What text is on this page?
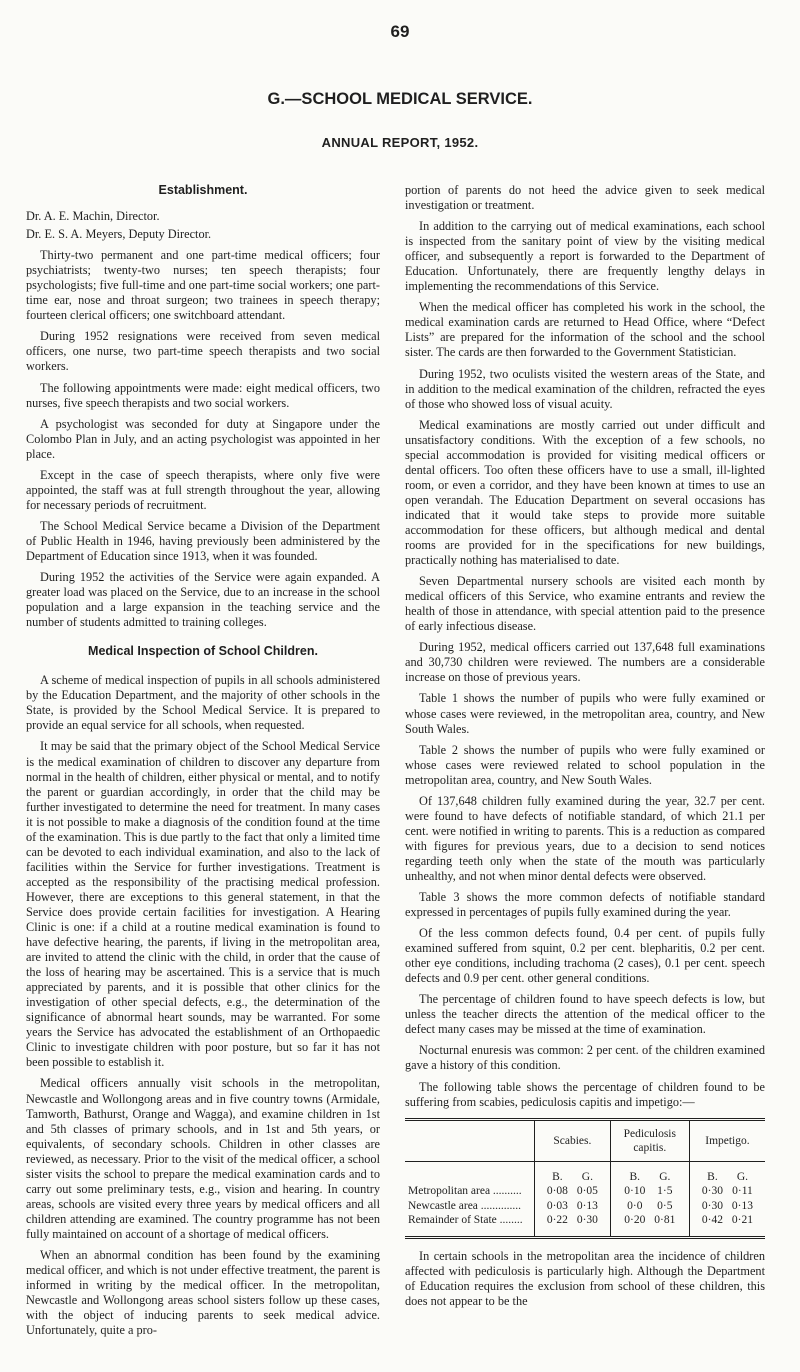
69
G.—SCHOOL MEDICAL SERVICE.
ANNUAL REPORT, 1952.
Establishment.

Dr. A. E. Machin, Director.

Dr. E. S. A. Meyers, Deputy Director.

Thirty-two permanent and one part-time medical officers; four psychiatrists; twenty-two nurses; ten speech therapists; four psychologists; five full-time and one part-time social workers; one part-time ear, nose and throat surgeon; two trainees in speech therapy; fourteen clerical officers; one switchboard attendant.

During 1952 resignations were received from seven medical officers, one nurse, two part-time speech therapists and two social workers.

The following appointments were made: eight medical officers, two nurses, five speech therapists and two social workers.

A psychologist was seconded for duty at Singapore under the Colombo Plan in July, and an acting psychologist was appointed in her place.

Except in the case of speech therapists, where only five were appointed, the staff was at full strength throughout the year, allowing for necessary periods of recruitment.

The School Medical Service became a Division of the Department of Public Health in 1946, having previously been administered by the Department of Education since 1913, when it was founded.

During 1952 the activities of the Service were again expanded. A greater load was placed on the Service, due to an increase in the school population and a large expansion in the teaching service and the number of students admitted to training colleges.

Medical Inspection of School Children.

A scheme of medical inspection of pupils in all schools administered by the Education Department, and the majority of other schools in the State, is provided by the School Medical Service. It is prepared to provide an equal service for all schools, when requested.

It may be said that the primary object of the School Medical Service is the medical examination of children to discover any departure from normal in the health of children, either physical or mental, and to notify the parent or guardian accordingly, in order that the child may be further investigated to determine the need for treatment. In many cases it is not possible to make a diagnosis of the condition found at the time of the examination. This is due partly to the fact that only a limited time can be devoted to each individual examination, and also to the lack of facilities within the Service for further investigations. Treatment is accepted as the responsibility of the practising medical profession. However, there are exceptions to this general statement, in that the Service does provide certain facilities for investigation. A Hearing Clinic is one: if a child at a routine medical examination is found to have defective hearing, the parents, if living in the metropolitan area, are invited to attend the clinic with the child, in order that the cause of the loss of hearing may be ascertained. This is a service that is much appreciated by parents, and it is possible that other clinics for the investigation of other special defects, e.g., the determination of the significance of abnormal heart sounds, may be warranted. For some years the Service has advocated the establishment of an Orthopaedic Clinic to investigate children with poor posture, but so far it has not been possible to establish it.

Medical officers annually visit schools in the metropolitan, Newcastle and Wollongong areas and in five country towns (Armidale, Tamworth, Bathurst, Orange and Wagga), and examine children in 1st and 5th classes of primary schools, and in 1st and 5th years, or equivalents, of secondary schools. Children in other classes are reviewed, as necessary. Prior to the visit of the medical officer, a school sister visits the school to prepare the medical examination cards and to carry out some preliminary tests, e.g., vision and hearing. In country areas, schools are visited every three years by medical officers and all children attending are examined. The country programme has not been fully maintained on account of a shortage of medical officers.

When an abnormal condition has been found by the examining medical officer, and which is not under effective treatment, the parent is informed in writing by the medical officer. In the metropolitan, Newcastle and Wollongong areas school sisters follow up these cases, with the object of inducing parents to seek medical advice. Unfortunately, quite a pro-

portion of parents do not heed the advice given to seek medical investigation or treatment.

In addition to the carrying out of medical examinations, each school is inspected from the sanitary point of view by the visiting medical officer, and subsequently a report is forwarded to the Department of Education. Unfortunately, there are frequently lengthy delays in implementing the recommendations of this Service.

When the medical officer has completed his work in the school, the medical examination cards are returned to Head Office, where “Defect Lists” are prepared for the information of the school and the school sister. The cards are then forwarded to the Government Statistician.

During 1952, two oculists visited the western areas of the State, and in addition to the medical examination of the children, refracted the eyes of those who showed loss of visual acuity.

Medical examinations are mostly carried out under difficult and unsatisfactory conditions. With the exception of a few schools, no special accommodation is provided for visiting medical officers or dental officers. Too often these officers have to use a small, ill-lighted room, or even a corridor, and they have been known at times to use an open verandah. The Education Department on several occasions has indicated that it would take steps to provide more suitable accommodation for these officers, but although medical and dental rooms are provided for in the specifications for new buildings, practically nothing has materialised to date.

Seven Departmental nursery schools are visited each month by medical officers of this Service, who examine entrants and review the health of those in attendance, with special attention paid to the presence of early infectious disease.

During 1952, medical officers carried out 137,648 full examinations and 30,730 children were reviewed. The numbers are a considerable increase on those of previous years.

Table 1 shows the number of pupils who were fully examined or whose cases were reviewed, in the metropolitan area, country, and New South Wales.

Table 2 shows the number of pupils who were fully examined or whose cases were reviewed related to school population in the metropolitan area, country, and New South Wales.

Of 137,648 children fully examined during the year, 32.7 per cent. were found to have defects of notifiable standard, of which 21.1 per cent. were notified in writing to parents. This is a reduction as compared with figures for previous years, due to a decision to send notices regarding teeth only when the state of the mouth was particularly unhealthy, and not when minor dental defects were observed.

Table 3 shows the more common defects of notifiable standard expressed in percentages of pupils fully examined during the year.

Of the less common defects found, 0.4 per cent. of pupils fully examined suffered from squint, 0.2 per cent. blepharitis, 0.2 per cent. other eye conditions, including trachoma (2 cases), 0.1 per cent. speech defects and 0.9 per cent. other general conditions.

The percentage of children found to have speech defects is low, but unless the teacher directs the attention of the medical officer to the defect many cases may be missed at the time of examination.

Nocturnal enuresis was common: 2 per cent. of the children examined gave a history of this condition.

The following table shows the percentage of children found to be suffering from scabies, pediculosis capitis and impetigo:—

	Scabies.	Pediculosis capitis.	Impetigo.
	B. G.	B. G.	B. G.
Metropolitan area ..........	0·08 0·05	0·10 1·5	0·30 0·11
Newcastle area ..............	0·03 0·13	0·0 0·5	0·30 0·13
Remainder of State ........	0·22 0·30	0·20 0·81	0·42 0·21

In certain schools in the metropolitan area the incidence of children affected with pediculosis is particularly high. Although the Department of Education requires the exclusion from school of these children, this does not appear to be the
